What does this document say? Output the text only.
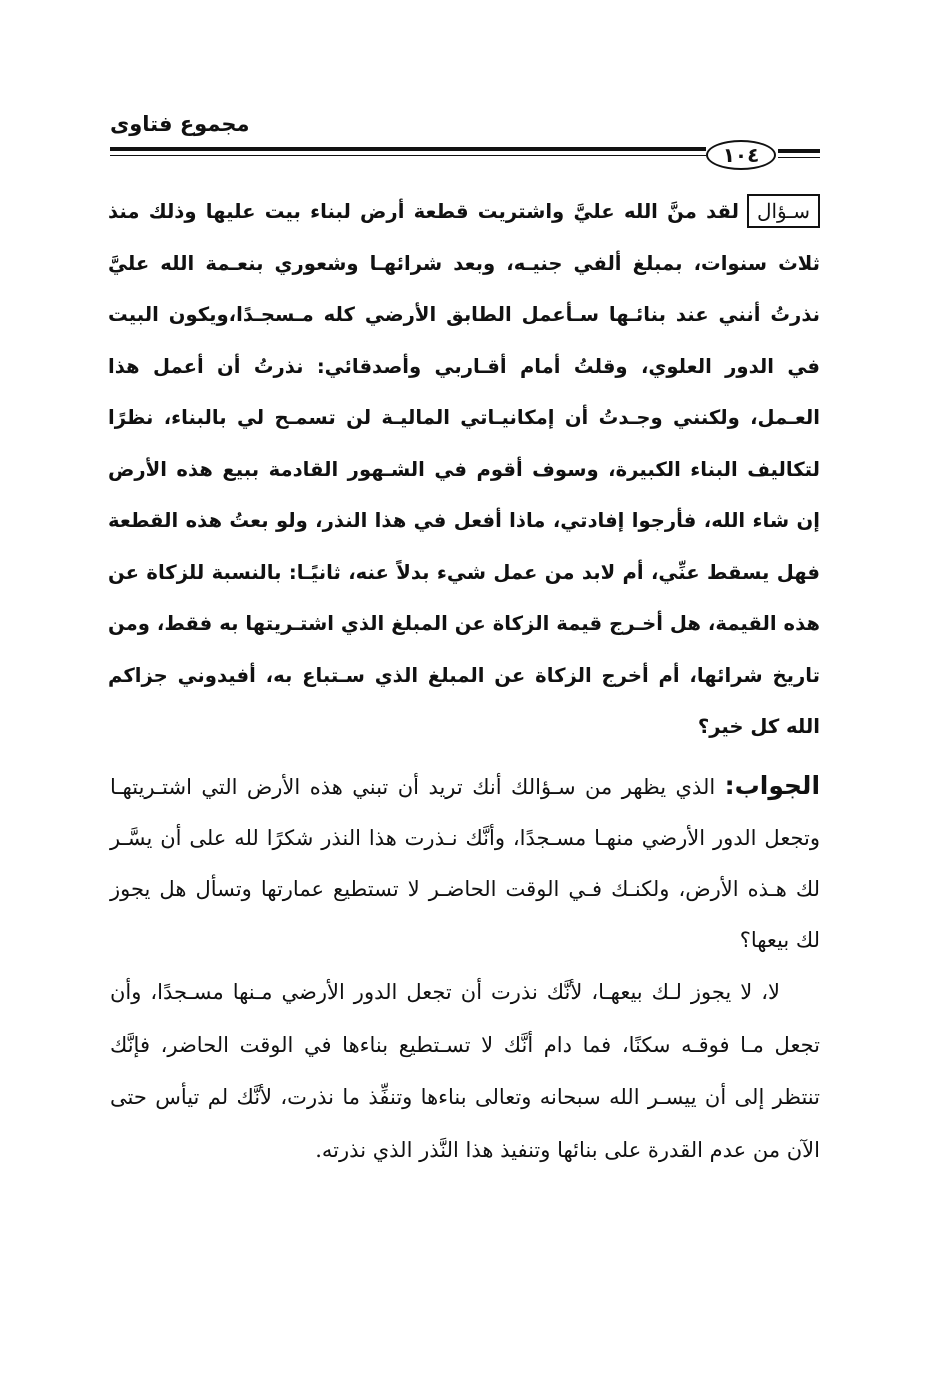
مجموع فتاوى
١٠٤
سـؤاللقد منَّ الله عليَّ واشتريت قطعة أرض لبناء بيت عليها وذلك منذ ثلاث سنوات، بمبلغ ألفي جنيـه، وبعد شرائهـا وشعوري بنعـمة الله عليَّ نذرتُ أنني عند بنائـها سـأعمل الطابق الأرضي كله مـسجـدًا،ويكون البيت في الدور العلوي، وقلتُ أمام أقـاربي وأصدقائي: نذرتُ أن أعمل هذا العـمل، ولكنني وجـدتُ أن إمكانيـاتي الماليـة لن تسمـح لي بالبناء، نظرًا لتكاليف البناء الكبيرة، وسوف أقوم في الشـهور القادمة ببيع هذه الأرض إن شاء الله، فأرجوا إفادتي، ماذا أفعل في هذا النذر، ولو بعتُ هذه القطعة فهل يسقط عنِّي، أم لابد من عمل شيء بدلاً عنه، ثانيًـا: بالنسبة للزكاة عن هذه القيمة، هل أخـرج قيمة الزكاة عن المبلغ الذي اشتـريتها به فقط، ومن تاريخ شرائها، أم أخرج الزكاة عن المبلغ الذي سـتباع به، أفيدوني جزاكم الله كل خير؟
الجواب: الذي يظهر من سـؤالك أنك تريد أن تبني هذه الأرض التي اشتـريتهـا وتجعل الدور الأرضي منهـا مسـجدًا، وأنَّك نـذرت هذا النذر شكرًا لله على أن يسَّـر لك هـذه الأرض، ولكنـك فـي الوقت الحاضـر لا تستطيع عمارتها وتسأل هل يجوز لك بيعها؟
لا، لا يجوز لـك بيعهـا، لأنَّك نذرت أن تجعل الدور الأرضي مـنها مسـجدًا، وأن تجعل مـا فوقـه سكنًا، فما دام أنَّك لا تسـتطيع بناءها في الوقت الحاضر، فإنَّك تنتظر إلى أن ييسـر الله سبحانه وتعالى بناءها وتنفِّذ ما نذرت، لأنَّك لم تيأس حتى الآن من عدم القدرة على بنائها وتنفيذ هذا النَّذر الذي نذرته.
